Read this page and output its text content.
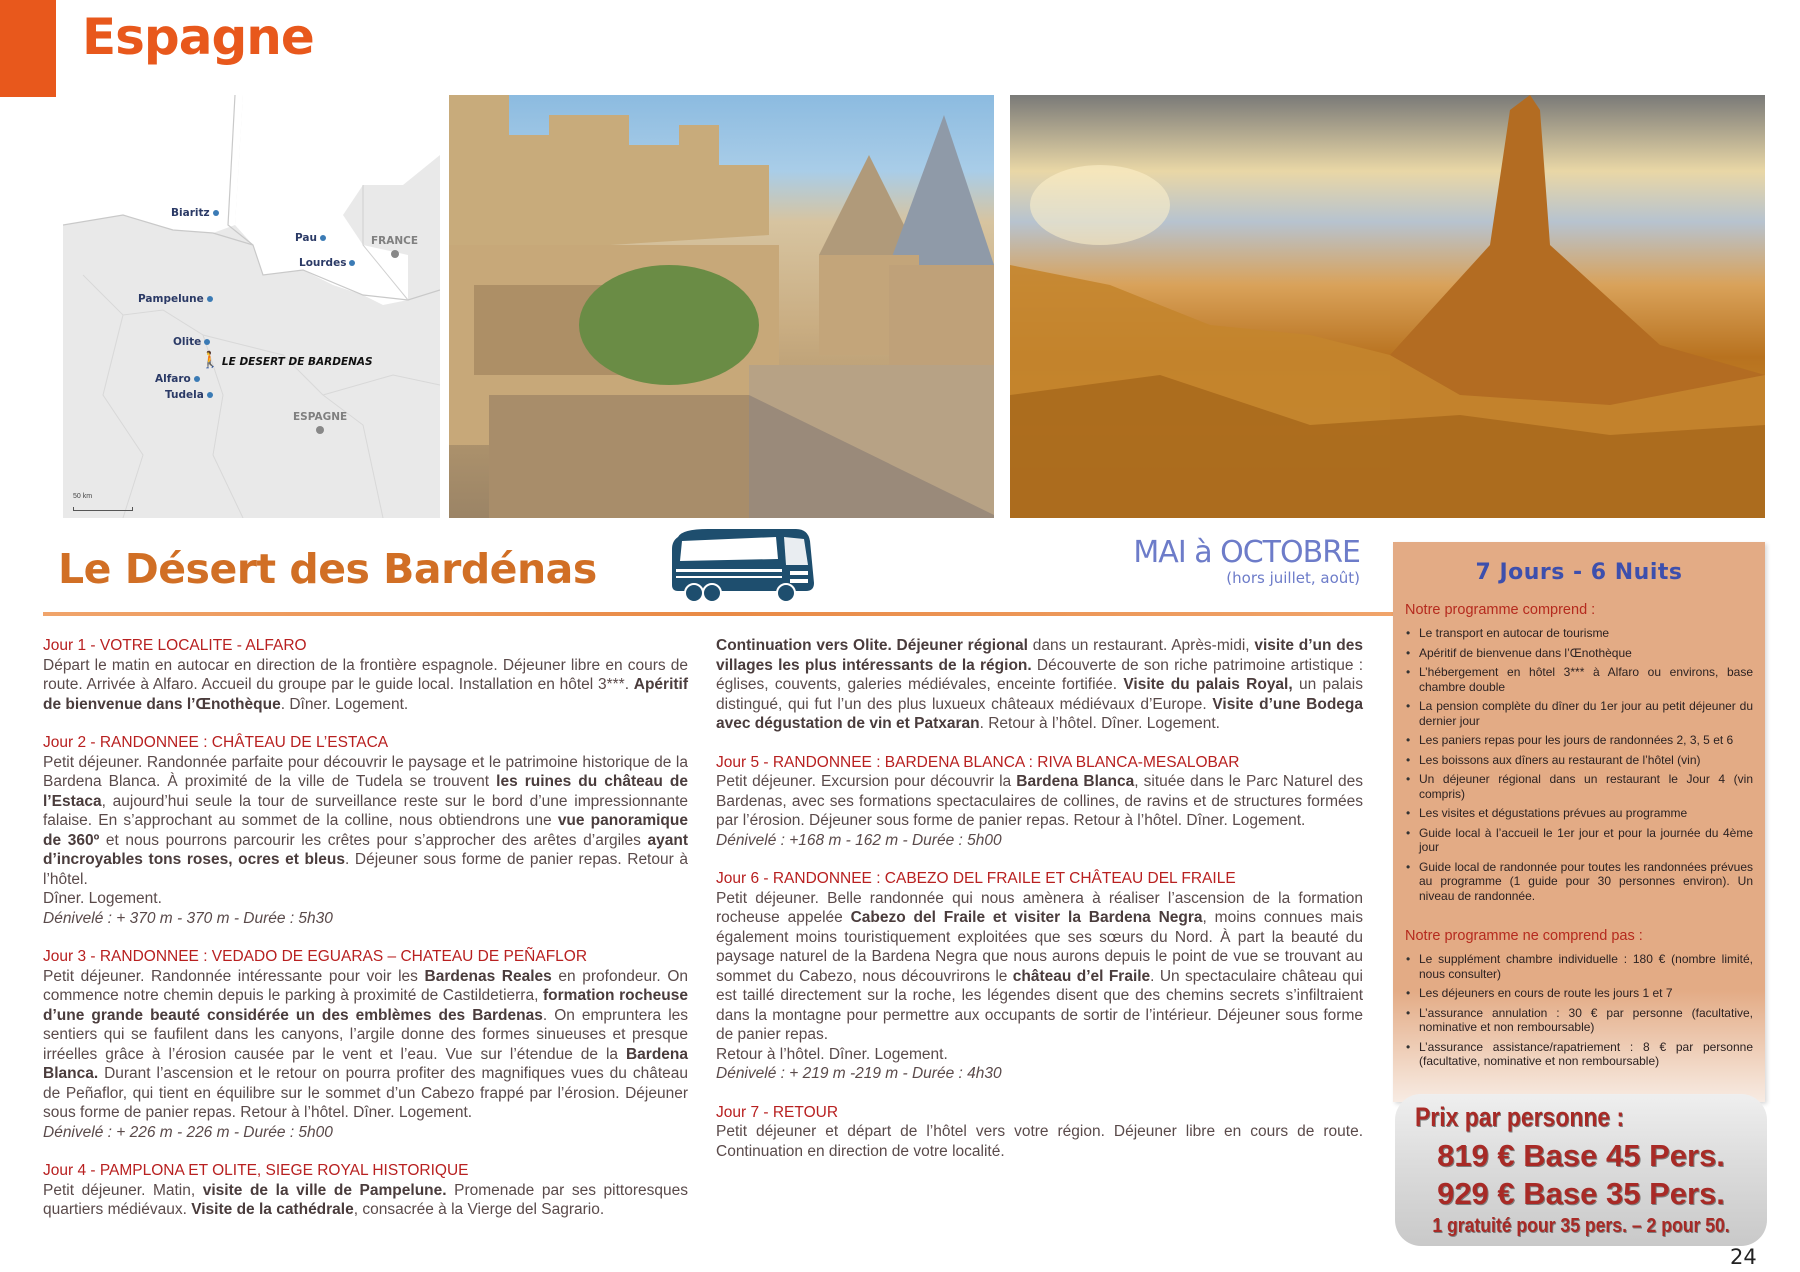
Espagne
Biaritz
Pau
Lourdes
Pampelune
Olite
Alfaro
Tudela
FRANCE
ESPAGNE
🚶 LE DESERT DE BARDENAS
50 km
Le Désert des Bardénas	MAI à OCTOBRE
(hors juillet, août)
Jour 1 - VOTRE LOCALITE - ALFARO

Départ le matin en autocar en direction de la frontière espagnole. Déjeuner libre en cours de route. Arrivée à Alfaro. Accueil du groupe par le guide local. Installation en hôtel 3***. Apéritif de bienvenue dans l’Œnothèque. Dîner. Logement.

Jour 2 - RANDONNEE : CHÂTEAU DE L’ESTACA

Petit déjeuner. Randonnée parfaite pour découvrir le paysage et le patrimoine historique de la Bardena Blanca. À proximité de la ville de Tudela se trouvent les ruines du château de l’Estaca, aujourd’hui seule la tour de surveillance reste sur le bord d’une impressionnante falaise. En s’approchant au sommet de la colline, nous obtiendrons une vue panoramique de 360º et nous pourrons parcourir les crêtes pour s’approcher des arêtes d’argiles ayant d’incroyables tons roses, ocres et bleus. Déjeuner sous forme de panier repas. Retour à l’hôtel.
Dîner. Logement.

Dénivelé : + 370 m - 370 m - Durée : 5h30

Jour 3 - RANDONNEE : VEDADO DE EGUARAS – CHATEAU DE PEÑAFLOR

Petit déjeuner. Randonnée intéressante pour voir les Bardenas Reales en profondeur. On commence notre chemin depuis le parking à proximité de Castildetierra, formation rocheuse d’une grande beauté considérée un des emblèmes des Bardenas. On empruntera les sentiers qui se faufilent dans les canyons, l’argile donne des formes sinueuses et presque irréelles grâce à l’érosion causée par le vent et l’eau. Vue sur l’étendue de la Bardena Blanca. Durant l’ascension et le retour on pourra profiter des magnifiques vues du château de Peñaflor, qui tient en équilibre sur le sommet d’un Cabezo frappé par l’érosion. Déjeuner sous forme de panier repas. Retour à l’hôtel. Dîner. Logement.

Dénivelé : + 226 m - 226 m - Durée : 5h00

Jour 4 - PAMPLONA ET OLITE, SIEGE ROYAL HISTORIQUE

Petit déjeuner. Matin, visite de la ville de Pampelune. Promenade par ses pittoresques quartiers médiévaux. Visite de la cathédrale, consacrée à la Vierge del Sagrario.

Continuation vers Olite. Déjeuner régional dans un restaurant. Après-midi, visite d’un des villages les plus intéressants de la région. Découverte de son riche patrimoine artistique : églises, couvents, galeries médiévales, enceinte fortifiée. Visite du palais Royal, un palais distingué, qui fut l’un des plus luxueux châteaux médiévaux d’Europe. Visite d’une Bodega avec dégustation de vin et Patxaran. Retour à l’hôtel. Dîner. Logement.

Jour 5 - RANDONNEE : BARDENA BLANCA : RIVA BLANCA-MESALOBAR

Petit déjeuner. Excursion pour découvrir la Bardena Blanca, située dans le Parc Naturel des Bardenas, avec ses formations spectaculaires de collines, de ravins et de structures formées par l’érosion. Déjeuner sous forme de panier repas. Retour à l’hôtel. Dîner. Logement.

Dénivelé : +168 m - 162 m - Durée : 5h00

Jour 6 - RANDONNEE : CABEZO DEL FRAILE ET CHÂTEAU DEL FRAILE

Petit déjeuner. Belle randonnée qui nous amènera à réaliser l’ascension de la formation rocheuse appelée Cabezo del Fraile et visiter la Bardena Negra, moins connues mais également moins touristiquement exploitées que ses sœurs du Nord. À part la beauté du paysage naturel de la Bardena Negra que nous aurons depuis le point de vue se trouvant au sommet du Cabezo, nous découvrirons le château d’el Fraile. Un spectaculaire château qui est taillé directement sur la roche, les légendes disent que des chemins secrets s’infiltraient dans la montagne pour permettre aux occupants de sortir de l’intérieur. Déjeuner sous forme de panier repas.
Retour à l’hôtel. Dîner. Logement.

Dénivelé : + 219 m -219 m - Durée : 4h30

Jour 7 - RETOUR

Petit déjeuner et départ de l’hôtel vers votre région. Déjeuner libre en cours de route. Continuation en direction de votre localité.

7 Jours - 6 Nuits
Notre programme comprend :
• Le transport en autocar de tourisme
• Apéritif de bienvenue dans l’Œnothèque
• L’hébergement en hôtel 3*** à Alfaro ou environs, base chambre double
• La pension complète du dîner du 1er jour au petit déjeuner du dernier jour
• Les paniers repas pour les jours de randonnées 2, 3, 5 et 6
• Les boissons aux dîners au restaurant de l’hôtel (vin)
• Un déjeuner régional dans un restaurant le Jour 4 (vin compris)
• Les visites et dégustations prévues au programme
• Guide local à l’accueil le 1er jour et pour la journée du 4ème jour
• Guide local de randonnée pour toutes les randonnées prévues au programme (1 guide pour 30 personnes environ). Un niveau de randonnée.
Notre programme ne comprend pas :
• Le supplément chambre individuelle : 180 € (nombre limité, nous consulter)
• Les déjeuners en cours de route les jours 1 et 7
• L’assurance annulation : 30 € par personne (facultative, nominative et non remboursable)
• L’assurance assistance/rapatriement : 8 € par personne (facultative, nominative et non remboursable)
Prix par personne :
819 € Base 45 Pers.
929 € Base 35 Pers.
1 gratuité pour 35 pers. – 2 pour 50.
24
